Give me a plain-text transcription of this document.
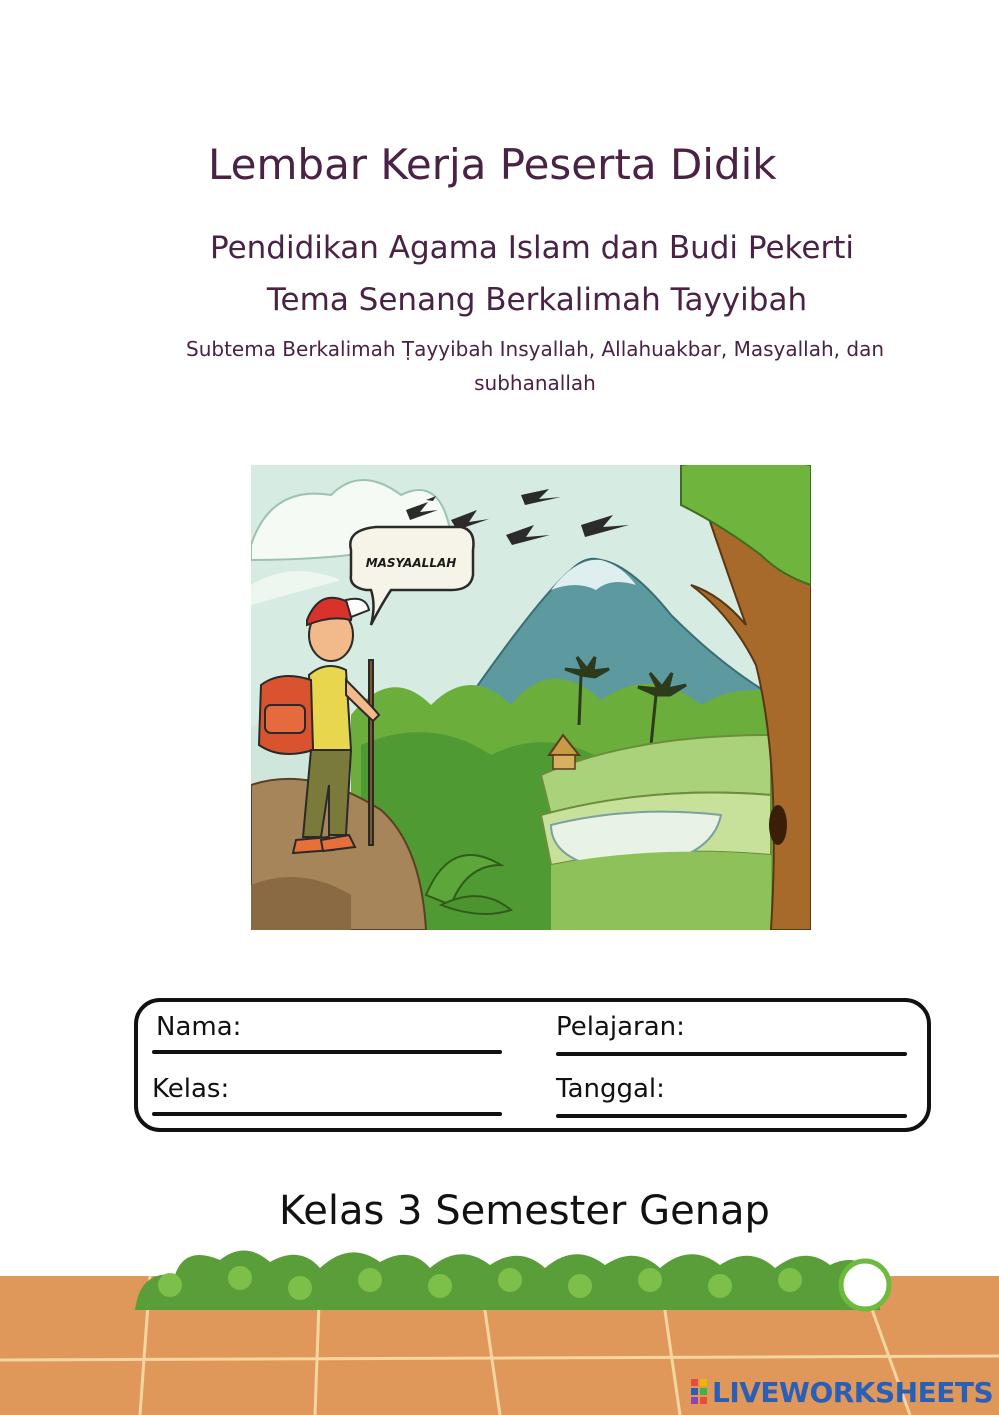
Lembar Kerja Peserta Didik
Pendidikan Agama Islam dan Budi Pekerti
Tema Senang Berkalimah Tayyibah
Subtema Berkalimah Ṭayyibah Insyallah, Allahuakbar, Masyallah, dan subhanallah
MASYAALLAH
Nama:
Kelas:
Pelajaran:
Tanggal:
Kelas 3 Semester Genap
LIVEWORKSHEETS
